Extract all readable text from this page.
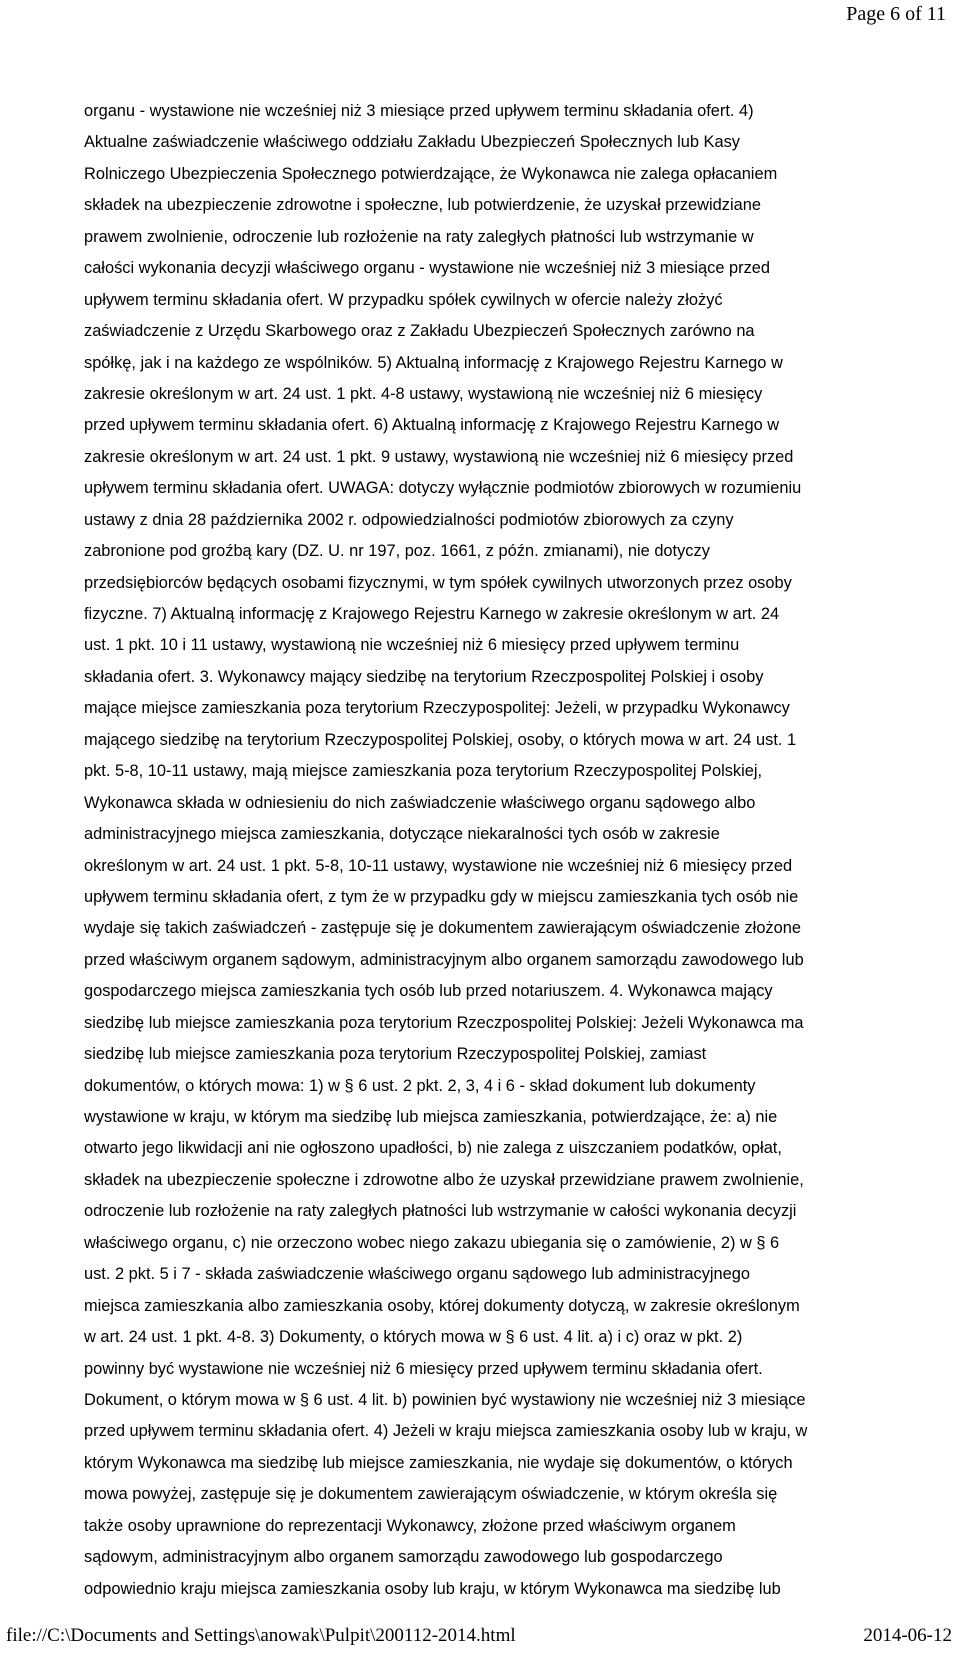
Page 6 of 11
organu - wystawione nie wcześniej niż 3 miesiące przed upływem terminu składania ofert. 4)
Aktualne zaświadczenie właściwego oddziału Zakładu Ubezpieczeń Społecznych lub Kasy
Rolniczego Ubezpieczenia Społecznego potwierdzające, że Wykonawca nie zalega opłacaniem
składek na ubezpieczenie zdrowotne i społeczne, lub potwierdzenie, że uzyskał przewidziane
prawem zwolnienie, odroczenie lub rozłożenie na raty zaległych płatności lub wstrzymanie w
całości wykonania decyzji właściwego organu - wystawione nie wcześniej niż 3 miesiące przed
upływem terminu składania ofert. W przypadku spółek cywilnych w ofercie należy złożyć
zaświadczenie z Urzędu Skarbowego oraz z Zakładu Ubezpieczeń Społecznych zarówno na
spółkę, jak i na każdego ze wspólników. 5) Aktualną informację z Krajowego Rejestru Karnego w
zakresie określonym w art. 24 ust. 1 pkt. 4-8 ustawy, wystawioną nie wcześniej niż 6 miesięcy
przed upływem terminu składania ofert. 6) Aktualną informację z Krajowego Rejestru Karnego w
zakresie określonym w art. 24 ust. 1 pkt. 9 ustawy, wystawioną nie wcześniej niż 6 miesięcy przed
upływem terminu składania ofert. UWAGA: dotyczy wyłącznie podmiotów zbiorowych w rozumieniu
ustawy z dnia 28 października 2002 r. odpowiedzialności podmiotów zbiorowych za czyny
zabronione pod groźbą kary (DZ. U. nr 197, poz. 1661, z późn. zmianami), nie dotyczy
przedsiębiorców będących osobami fizycznymi, w tym spółek cywilnych utworzonych przez osoby
fizyczne. 7) Aktualną informację z Krajowego Rejestru Karnego w zakresie określonym w art. 24
ust. 1 pkt. 10 i 11 ustawy, wystawioną nie wcześniej niż 6 miesięcy przed upływem terminu
składania ofert. 3. Wykonawcy mający siedzibę na terytorium Rzeczpospolitej Polskiej i osoby
mające miejsce zamieszkania poza terytorium Rzeczypospolitej: Jeżeli, w przypadku Wykonawcy
mającego siedzibę na terytorium Rzeczypospolitej Polskiej, osoby, o których mowa w art. 24 ust. 1
pkt. 5-8, 10-11 ustawy, mają miejsce zamieszkania poza terytorium Rzeczypospolitej Polskiej,
Wykonawca składa w odniesieniu do nich zaświadczenie właściwego organu sądowego albo
administracyjnego miejsca zamieszkania, dotyczące niekaralności tych osób w zakresie
określonym w art. 24 ust. 1 pkt. 5-8, 10-11 ustawy, wystawione nie wcześniej niż 6 miesięcy przed
upływem terminu składania ofert, z tym że w przypadku gdy w miejscu zamieszkania tych osób nie
wydaje się takich zaświadczeń - zastępuje się je dokumentem zawierającym oświadczenie złożone
przed właściwym organem sądowym, administracyjnym albo organem samorządu zawodowego lub
gospodarczego miejsca zamieszkania tych osób lub przed notariuszem. 4. Wykonawca mający
siedzibę lub miejsce zamieszkania poza terytorium Rzeczpospolitej Polskiej: Jeżeli Wykonawca ma
siedzibę lub miejsce zamieszkania poza terytorium Rzeczypospolitej Polskiej, zamiast
dokumentów, o których mowa: 1) w § 6 ust. 2 pkt. 2, 3, 4 i 6 - skład dokument lub dokumenty
wystawione w kraju, w którym ma siedzibę lub miejsca zamieszkania, potwierdzające, że: a) nie
otwarto jego likwidacji ani nie ogłoszono upadłości, b) nie zalega z uiszczaniem podatków, opłat,
składek na ubezpieczenie społeczne i zdrowotne albo że uzyskał przewidziane prawem zwolnienie,
odroczenie lub rozłożenie na raty zaległych płatności lub wstrzymanie w całości wykonania decyzji
właściwego organu, c) nie orzeczono wobec niego zakazu ubiegania się o zamówienie, 2) w § 6
ust. 2 pkt. 5 i 7 - składa zaświadczenie właściwego organu sądowego lub administracyjnego
miejsca zamieszkania albo zamieszkania osoby, której dokumenty dotyczą, w zakresie określonym
w art. 24 ust. 1 pkt. 4-8. 3) Dokumenty, o których mowa w § 6 ust. 4 lit. a) i c) oraz w pkt. 2)
powinny być wystawione nie wcześniej niż 6 miesięcy przed upływem terminu składania ofert.
Dokument, o którym mowa w § 6 ust. 4 lit. b) powinien być wystawiony nie wcześniej niż 3 miesiące
przed upływem terminu składania ofert. 4) Jeżeli w kraju miejsca zamieszkania osoby lub w kraju, w
którym Wykonawca ma siedzibę lub miejsce zamieszkania, nie wydaje się dokumentów, o których
mowa powyżej, zastępuje się je dokumentem zawierającym oświadczenie, w którym określa się
także osoby uprawnione do reprezentacji Wykonawcy, złożone przed właściwym organem
sądowym, administracyjnym albo organem samorządu zawodowego lub gospodarczego
odpowiednio kraju miejsca zamieszkania osoby lub kraju, w którym Wykonawca ma siedzibę lub
file://C:\Documents and Settings\anowak\Pulpit\200112-2014.html	2014-06-12
